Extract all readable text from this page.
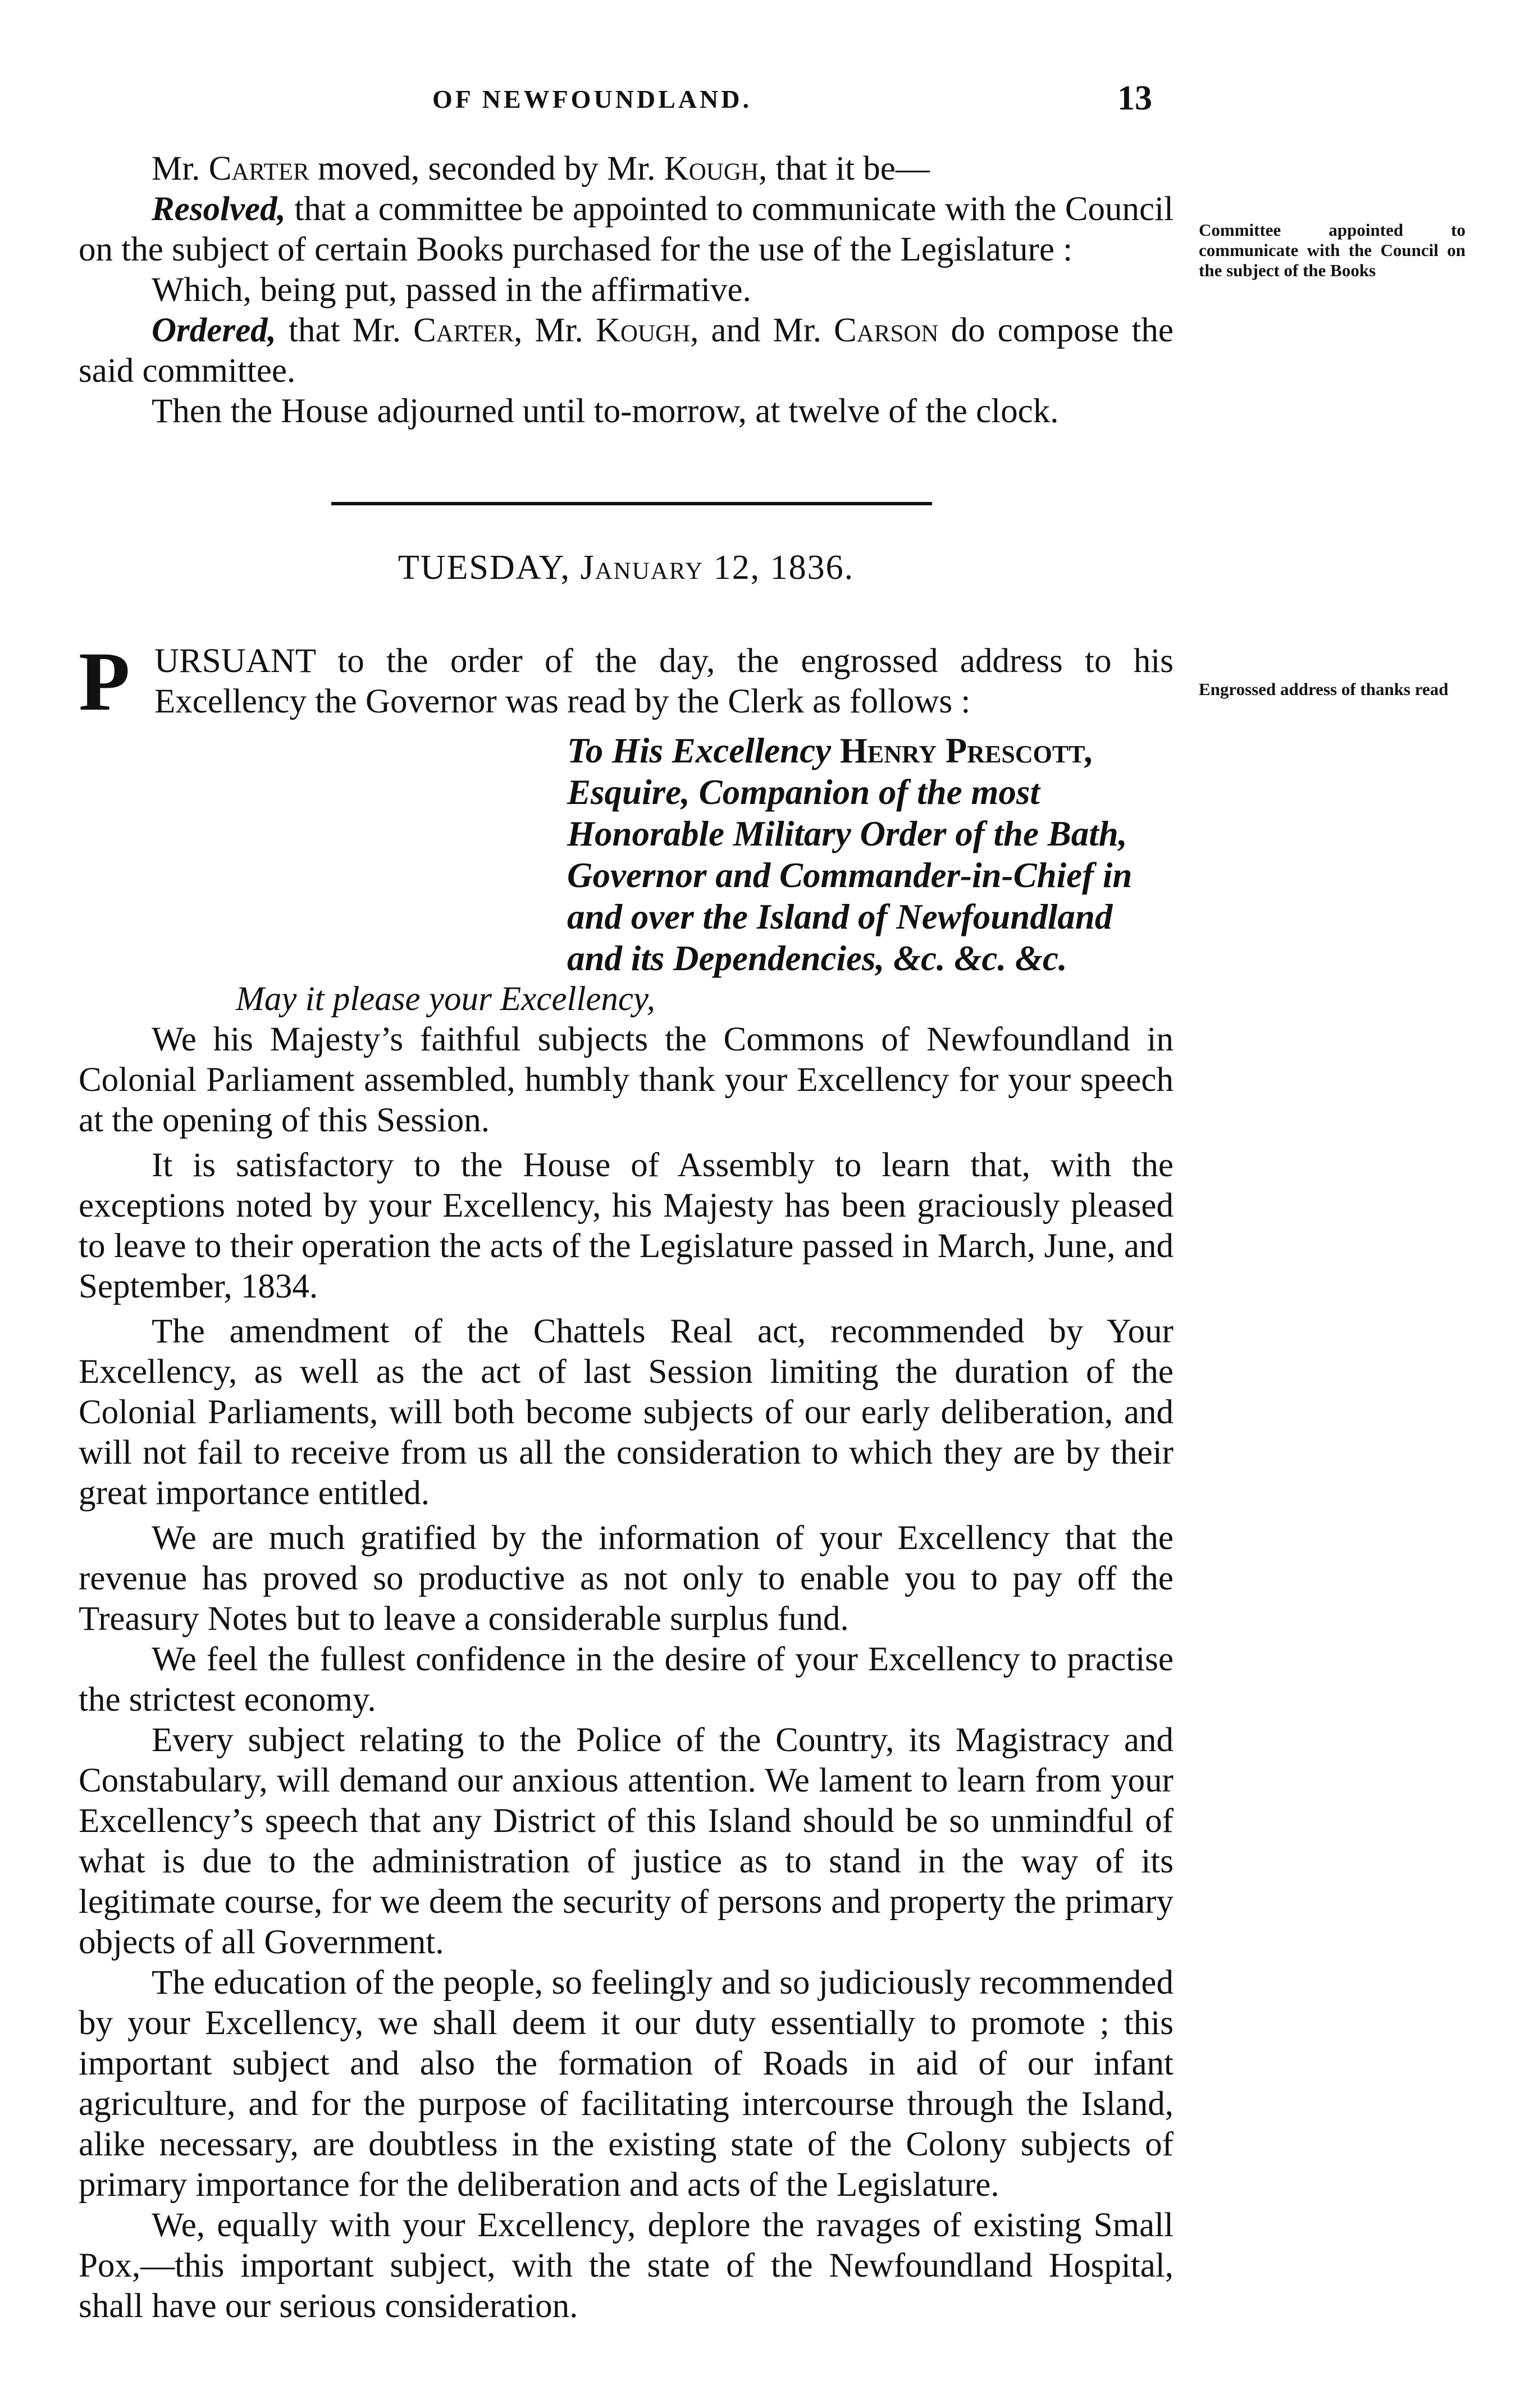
OF NEWFOUNDLAND.	13
Committee appointed to communicate with the Council on the subject of the Books
Engrossed address of thanks read

Mr. Carter moved, seconded by Mr. Kough, that it be—

Resolved, that a committee be appointed to communicate with the Council on the subject of certain Books purchased for the use of the Legislature :

Which, being put, passed in the affirmative.

Ordered, that Mr. Carter, Mr. Kough, and Mr. Carson do compose the said committee.

Then the House adjourned until to-morrow, at twelve of the clock.

TUESDAY, January 12, 1836.

P URSUANT to the order of the day, the engrossed address to his Excellency the Governor was read by the Clerk as follows :

To His Excellency Henry Prescott, Esquire, Companion of the most Honorable Military Order of the Bath, Governor and Commander-in-Chief in and over the Island of Newfoundland and its Dependencies, &c. &c. &c.

May it please your Excellency,

We his Majesty’s faithful subjects the Commons of Newfoundland in Colonial Parliament assembled, humbly thank your Excellency for your speech at the opening of this Session.

It is satisfactory to the House of Assembly to learn that, with the exceptions noted by your Excellency, his Majesty has been graciously pleased to leave to their operation the acts of the Legislature passed in March, June, and September, 1834.

The amendment of the Chattels Real act, recommended by Your Excellency, as well as the act of last Session limiting the duration of the Colonial Parliaments, will both become subjects of our early deliberation, and will not fail to receive from us all the consideration to which they are by their great importance entitled.

We are much gratified by the information of your Excellency that the revenue has proved so productive as not only to enable you to pay off the Treasury Notes but to leave a considerable surplus fund.

We feel the fullest confidence in the desire of your Excellency to practise the strictest economy.

Every subject relating to the Police of the Country, its Magistracy and Constabulary, will demand our anxious attention. We lament to learn from your Excellency’s speech that any District of this Island should be so unmindful of what is due to the administration of justice as to stand in the way of its legitimate course, for we deem the security of persons and property the primary objects of all Government.

The education of the people, so feelingly and so judiciously recommended by your Excellency, we shall deem it our duty essentially to promote ; this important subject and also the formation of Roads in aid of our infant agriculture, and for the purpose of facilitating intercourse through the Island, alike necessary, are doubtless in the existing state of the Colony subjects of primary importance for the deliberation and acts of the Legislature.

We, equally with your Excellency, deplore the ravages of existing Small Pox,—this important subject, with the state of the Newfoundland Hospital, shall have our serious consideration.
